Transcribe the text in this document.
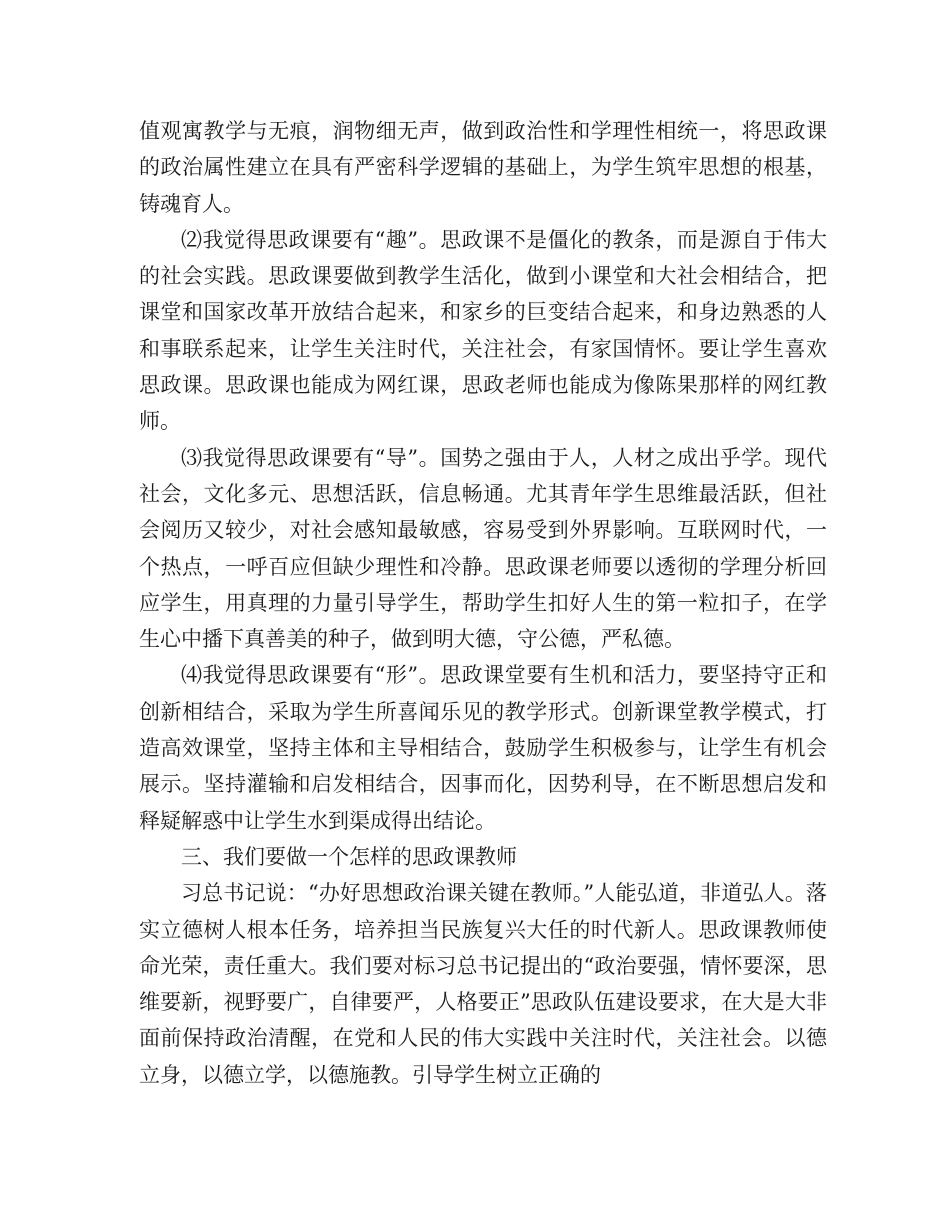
值观寓教学与无痕，润物细无声，做到政治性和学理性相统一，将思政课的政治属性建立在具有严密科学逻辑的基础上，为学生筑牢思想的根基，铸魂育人。

⑵我觉得思政课要有“趣”。思政课不是僵化的教条，而是源自于伟大的社会实践。思政课要做到教学生活化，做到小课堂和大社会相结合，把课堂和国家改革开放结合起来，和家乡的巨变结合起来，和身边熟悉的人和事联系起来，让学生关注时代，关注社会，有家国情怀。要让学生喜欢思政课。思政课也能成为网红课，思政老师也能成为像陈果那样的网红教师。

⑶我觉得思政课要有“导”。国势之强由于人，人材之成出乎学。现代社会，文化多元、思想活跃，信息畅通。尤其青年学生思维最活跃，但社会阅历又较少，对社会感知最敏感，容易受到外界影响。互联网时代，一个热点，一呼百应但缺少理性和冷静。思政课老师要以透彻的学理分析回应学生，用真理的力量引导学生，帮助学生扣好人生的第一粒扣子，在学生心中播下真善美的种子，做到明大德，守公德，严私德。

⑷我觉得思政课要有“形”。思政课堂要有生机和活力，要坚持守正和创新相结合，采取为学生所喜闻乐见的教学形式。创新课堂教学模式，打造高效课堂，坚持主体和主导相结合，鼓励学生积极参与，让学生有机会展示。坚持灌输和启发相结合，因事而化，因势利导，在不断思想启发和释疑解惑中让学生水到渠成得出结论。

三、我们要做一个怎样的思政课教师

习总书记说：“办好思想政治课关键在教师。”人能弘道，非道弘人。落实立德树人根本任务，培养担当民族复兴大任的时代新人。思政课教师使命光荣，责任重大。我们要对标习总书记提出的“政治要强，情怀要深，思维要新，视野要广，自律要严，人格要正”思政队伍建设要求，在大是大非面前保持政治清醒，在党和人民的伟大实践中关注时代，关注社会。以德立身，以德立学，以德施教。引导学生树立正确的
